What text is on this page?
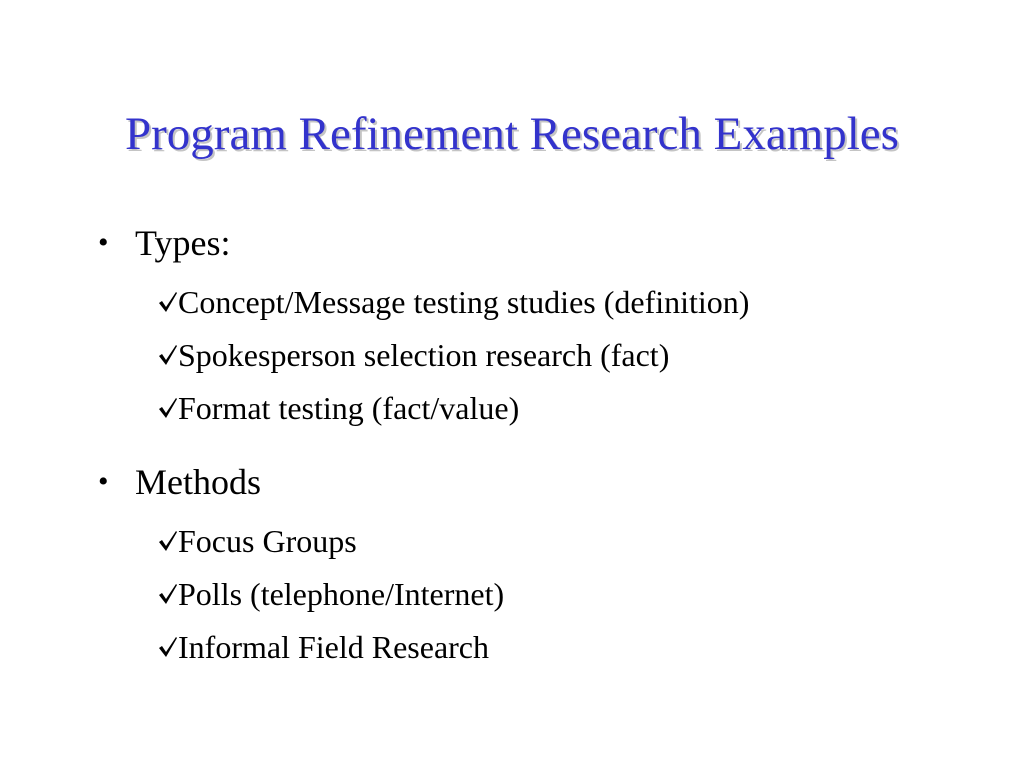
Program Refinement Research Examples
• Types:
Concept/Message testing studies (definition)
Spokesperson selection research (fact)
Format testing (fact/value)
• Methods
Focus Groups
Polls (telephone/Internet)
Informal Field Research
